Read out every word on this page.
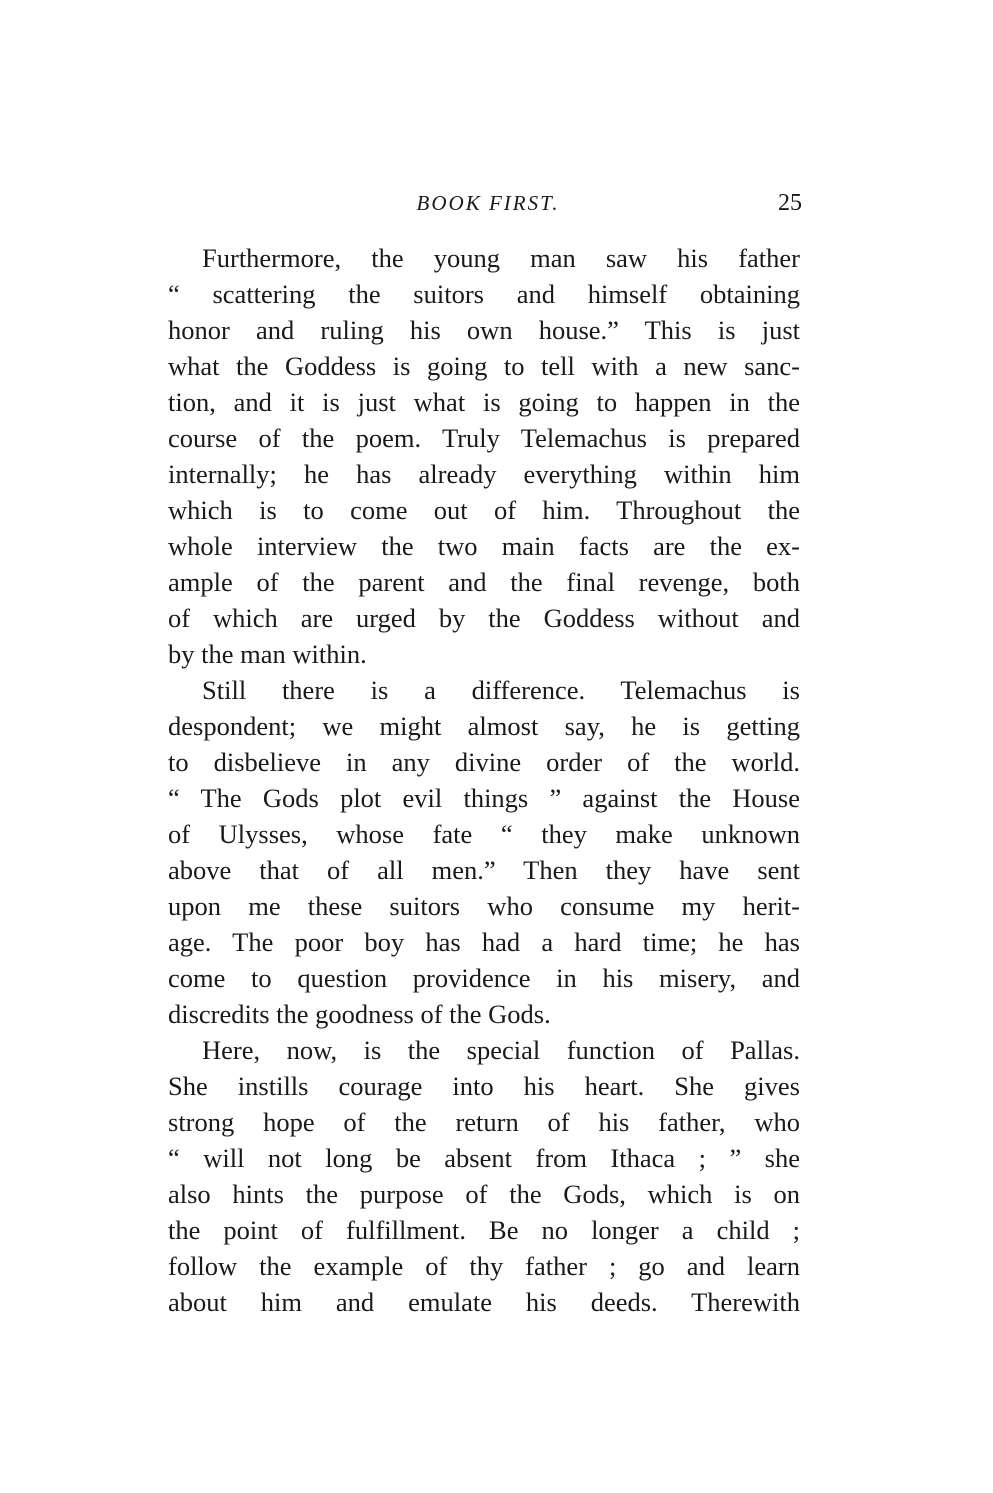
BOOK FIRST.	25
Furthermore, the young man saw his father
“ scattering the suitors and himself obtaining
honor and ruling his own house.” This is just
what the Goddess is going to tell with a new sanc-
tion, and it is just what is going to happen in the
course of the poem. Truly Telemachus is prepared
internally; he has already everything within him
which is to come out of him. Throughout the
whole interview the two main facts are the ex-
ample of the parent and the final revenge, both
of which are urged by the Goddess without and
by the man within.
Still there is a difference. Telemachus is
despondent; we might almost say, he is getting
to disbelieve in any divine order of the world.
“ The Gods plot evil things ” against the House
of Ulysses, whose fate “ they make unknown
above that of all men.” Then they have sent
upon me these suitors who consume my herit-
age. The poor boy has had a hard time; he has
come to question providence in his misery, and
discredits the goodness of the Gods.
Here, now, is the special function of Pallas.
She instills courage into his heart. She gives
strong hope of the return of his father, who
“ will not long be absent from Ithaca ; ” she
also hints the purpose of the Gods, which is on
the point of fulfillment. Be no longer a child ;
follow the example of thy father ; go and learn
about him and emulate his deeds. Therewith
